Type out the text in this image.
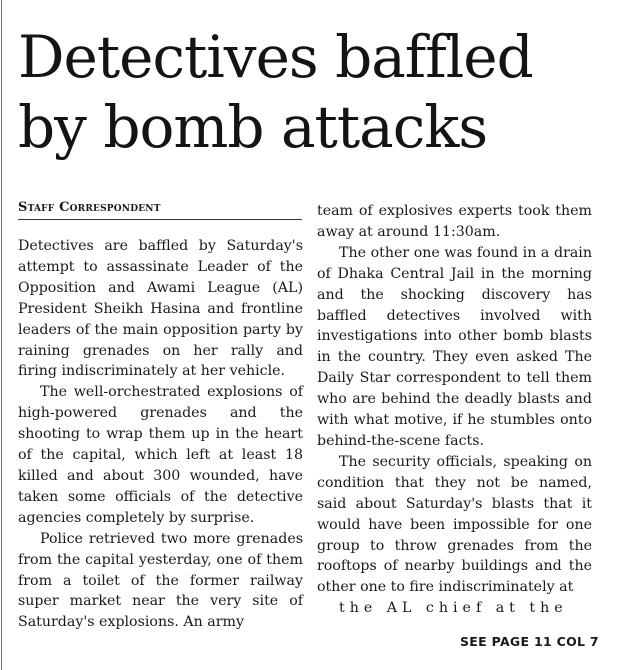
Detectives baffled by bomb attacks
Staff Correspondent

Detectives are baffled by Saturday's attempt to assassinate Leader of the Opposition and Awami League (AL) President Sheikh Hasina and frontline leaders of the main opposition party by raining grenades on her rally and firing indiscriminately at her vehicle.

The well-orchestrated explosions of high-powered grenades and the shooting to wrap them up in the heart of the capital, which left at least 18 killed and about 300 wounded, have taken some officials of the detective agencies completely by surprise.

Police retrieved two more grenades from the capital yesterday, one of them from a toilet of the former railway super market near the very site of Saturday's explosions. An army

team of explosives experts took them away at around 11:30am.

The other one was found in a drain of Dhaka Central Jail in the morning and the shocking discovery has baffled detectives involved with investigations into other bomb blasts in the country. They even asked The Daily Star correspondent to tell them who are behind the deadly blasts and with what motive, if he stumbles onto behind-the-scene facts.

The security officials, speaking on condition that they not be named, said about Saturday's blasts that it would have been impossible for one group to throw grenades from the rooftops of nearby buildings and the other one to fire indiscriminately at
the AL chief at the

SEE PAGE 11 COL 7
